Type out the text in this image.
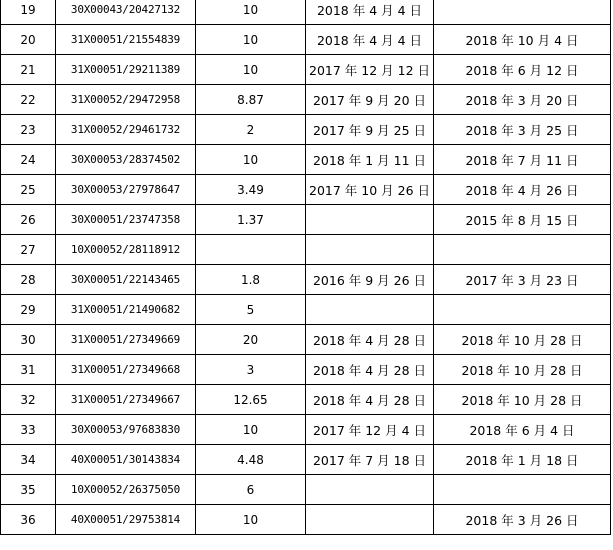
19	30X00043/20427132	10	2018 年 4 月 4 日	
20	31X00051/21554839	10	2018 年 4 月 4 日	2018 年 10 月 4 日
21	31X00051/29211389	10	2017 年 12 月 12 日	2018 年 6 月 12 日
22	31X00052/29472958	8.87	2017 年 9 月 20 日	2018 年 3 月 20 日
23	31X00052/29461732	2	2017 年 9 月 25 日	2018 年 3 月 25 日
24	30X00053/28374502	10	2018 年 1 月 11 日	2018 年 7 月 11 日
25	30X00053/27978647	3.49	2017 年 10 月 26 日	2018 年 4 月 26 日
26	30X00051/23747358	1.37		2015 年 8 月 15 日
27	10X00052/28118912			
28	30X00051/22143465	1.8	2016 年 9 月 26 日	2017 年 3 月 23 日
29	31X00051/21490682	5		
30	31X00051/27349669	20	2018 年 4 月 28 日	2018 年 10 月 28 日
31	31X00051/27349668	3	2018 年 4 月 28 日	2018 年 10 月 28 日
32	31X00051/27349667	12.65	2018 年 4 月 28 日	2018 年 10 月 28 日
33	30X00053/97683830	10	2017 年 12 月 4 日	2018 年 6 月 4 日
34	40X00051/30143834	4.48	2017 年 7 月 18 日	2018 年 1 月 18 日
35	10X00052/26375050	6		
36	40X00051/29753814	10		2018 年 3 月 26 日
